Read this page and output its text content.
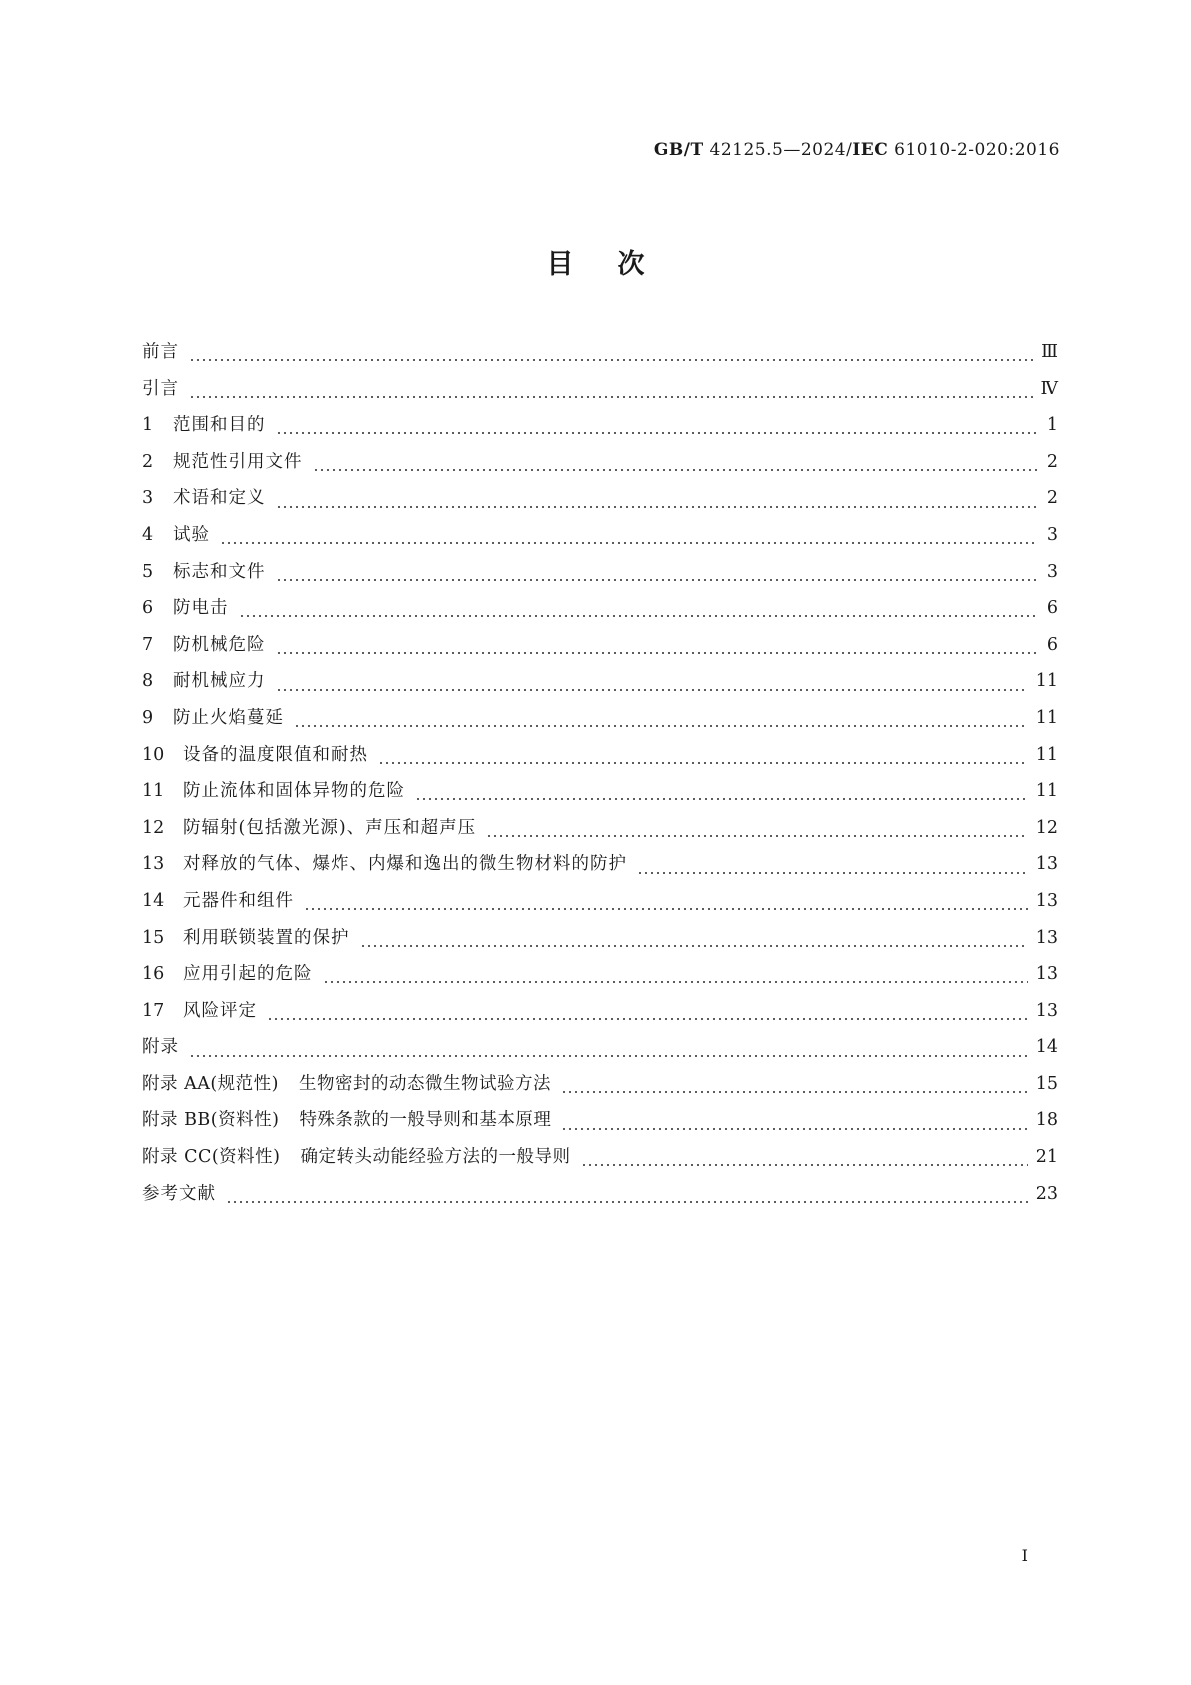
GB/T 42125.5—2024/IEC 61010-2-020:2016
目次
前言	Ⅲ
引言	Ⅳ
1	范围和目的	1
2	规范性引用文件	2
3	术语和定义	2
4	试验	3
5	标志和文件	3
6	防电击	6
7	防机械危险	6
8	耐机械应力	11
9	防止火焰蔓延	11
10	设备的温度限值和耐热	11
11	防止流体和固体异物的危险	11
12	防辐射(包括激光源)、声压和超声压	12
13	对释放的气体、爆炸、内爆和逸出的微生物材料的防护	13
14	元器件和组件	13
15	利用联锁装置的保护	13
16	应用引起的危险	13
17	风险评定	13
附录	14
附录 AA(规范性) 生物密封的动态微生物试验方法	15
附录 BB(资料性) 特殊条款的一般导则和基本原理	18
附录 CC(资料性) 确定转头动能经验方法的一般导则	21
参考文献	23
I
